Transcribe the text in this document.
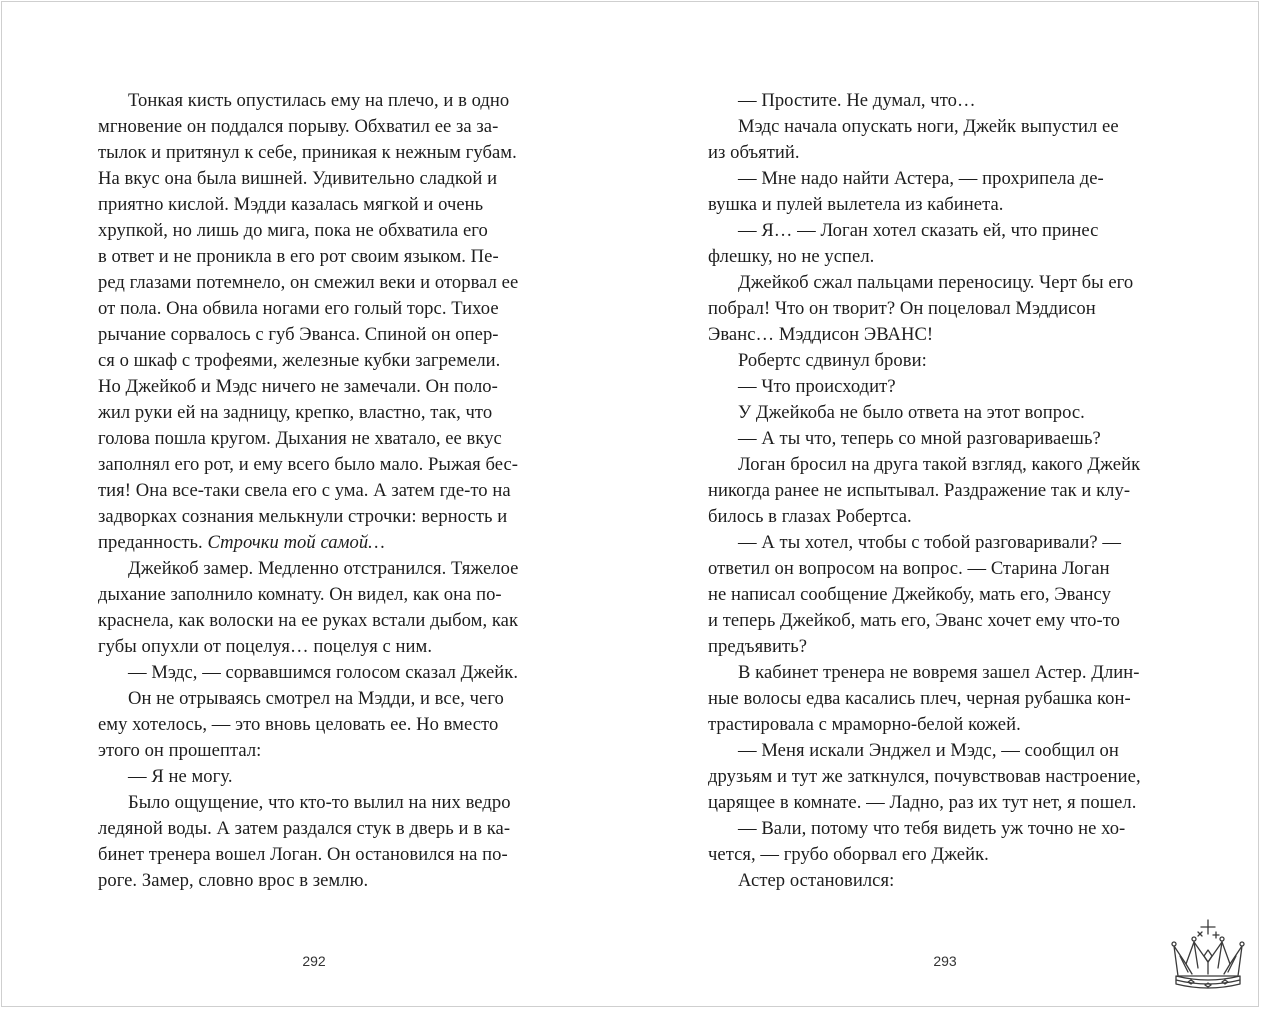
Тонкая кисть опустилась ему на плечо, и в одно
мгновение он поддался порыву. Обхватил ее за за-
тылок и притянул к себе, приникая к нежным губам.
На вкус она была вишней. Удивительно сладкой и
приятно кислой. Мэдди казалась мягкой и очень
хрупкой, но лишь до мига, пока не обхватила его
в ответ и не проникла в его рот своим языком. Пе-
ред глазами потемнело, он смежил веки и оторвал ее
от пола. Она обвила ногами его голый торс. Тихое
рычание сорвалось с губ Эванса. Спиной он опер-
ся о шкаф с трофеями, железные кубки загремели.
Но Джейкоб и Мэдс ничего не замечали. Он поло-
жил руки ей на задницу, крепко, властно, так, что
голова пошла кругом. Дыхания не хватало, ее вкус
заполнял его рот, и ему всего было мало. Рыжая бес-
тия! Она все-таки свела его с ума. А затем где-то на
задворках сознания мелькнули строчки: верность и
преданность. Строчки той самой…

Джейкоб замер. Медленно отстранился. Тяжелое
дыхание заполнило комнату. Он видел, как она по-
краснела, как волоски на ее руках встали дыбом, как
губы опухли от поцелуя… поцелуя с ним.

— Мэдс, — сорвавшимся голосом сказал Джейк.

Он не отрываясь смотрел на Мэдди, и все, чего
ему хотелось, — это вновь целовать ее. Но вместо
этого он прошептал:

— Я не могу.

Было ощущение, что кто-то вылил на них ведро
ледяной воды. А затем раздался стук в дверь и в ка-
бинет тренера вошел Логан. Он остановился на по-
роге. Замер, словно врос в землю.

— Простите. Не думал, что…

Мэдс начала опускать ноги, Джейк выпустил ее
из объятий.

— Мне надо найти Астера, — прохрипела де-
вушка и пулей вылетела из кабинета.

— Я… — Логан хотел сказать ей, что принес
флешку, но не успел.

Джейкоб сжал пальцами переносицу. Черт бы его
побрал! Что он творит? Он поцеловал Мэддисон
Эванс… Мэддисон ЭВАНС!

Робертс сдвинул брови:

— Что происходит?

У Джейкоба не было ответа на этот вопрос.

— А ты что, теперь со мной разговариваешь?

Логан бросил на друга такой взгляд, какого Джейк
никогда ранее не испытывал. Раздражение так и клу-
билось в глазах Робертса.

— А ты хотел, чтобы с тобой разговаривали? —
ответил он вопросом на вопрос. — Старина Логан
не написал сообщение Джейкобу, мать его, Эвансу
и теперь Джейкоб, мать его, Эванс хочет ему что-то
предъявить?

В кабинет тренера не вовремя зашел Астер. Длин-
ные волосы едва касались плеч, черная рубашка кон-
трастировала с мраморно-белой кожей.

— Меня искали Энджел и Мэдс, — сообщил он
друзьям и тут же заткнулся, почувствовав настроение,
царящее в комнате. — Ладно, раз их тут нет, я пошел.

— Вали, потому что тебя видеть уж точно не хо-
чется, — грубо оборвал его Джейк.

Астер остановился:

292	293
